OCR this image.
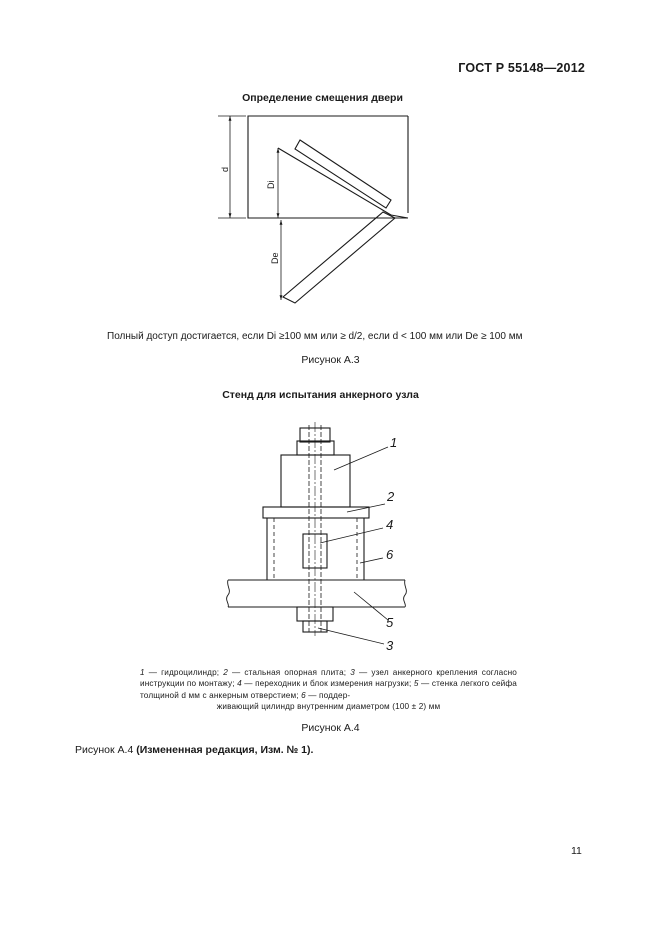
ГОСТ Р 55148—2012
Определение смещения двери
d
Di
De
1
2
3
4
5
6
Полный доступ достигается, если Di ≥100 мм или ≥ d/2, если d < 100 мм или De ≥ 100 мм
Рисунок А.3
Стенд для испытания анкерного узла
1 — гидроцилиндр; 2 — стальная опорная плита; 3 — узел анкерного крепления согласно инструкции по монтажу; 4 — переходник и блок измерения нагрузки; 5 — стенка легкого сейфа толщиной d мм с анкерным отверстием; 6 — поддер-
живающий цилиндр внутренним диаметром (100 ± 2) мм
Рисунок А.4
Рисунок А.4 (Измененная редакция, Изм. № 1).
11
